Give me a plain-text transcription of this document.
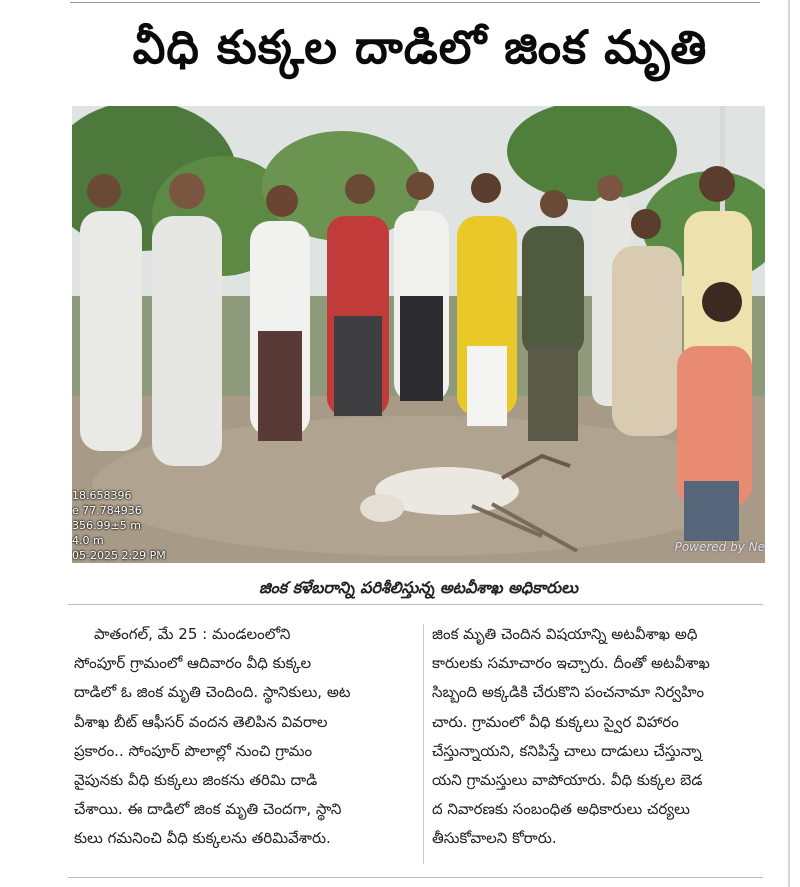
వీధి కుక్కల దాడిలో జింక మృతి
18.658396
e 77.784936
356.99±5 m
4.0 m
05-2025 2:29 PM
Powered by Ne
జింక కళేబరాన్ని పరిశీలిస్తున్న అటవీశాఖ అధికారులు
పాతంగల్, మే 25 : మండలంలోని
సోంపూర్ గ్రామంలో ఆదివారం వీధి కుక్కల
దాడిలో ఓ జింక మృతి చెందింది. స్థానికులు, అట
వీశాఖ బీట్ ఆఫీసర్ వందన తెలిపిన వివరాల
ప్రకారం.. సోంపూర్ పొలాల్లో నుంచి గ్రామం
వైపునకు వీధి కుక్కలు జింకను తరిమి దాడి
చేశాయి. ఈ దాడిలో జింక మృతి చెందగా, స్థాని
కులు గమనించి వీధి కుక్కలను తరిమివేశారు.
జింక మృతి చెందిన విషయాన్ని అటవీశాఖ అధి
కారులకు సమాచారం ఇచ్చారు. దీంతో అటవీశాఖ
సిబ్బంది అక్కడికి చేరుకొని పంచనామా నిర్వహిం
చారు. గ్రామంలో వీధి కుక్కలు స్వైర విహారం
చేస్తున్నాయని, కనిపిస్తే చాలు దాడులు చేస్తున్నా
యని గ్రామస్తులు వాపోయారు. వీధి కుక్కల బెడ
ద నివారణకు సంబంధిత అధికారులు చర్యలు
తీసుకోవాలని కోరారు.
